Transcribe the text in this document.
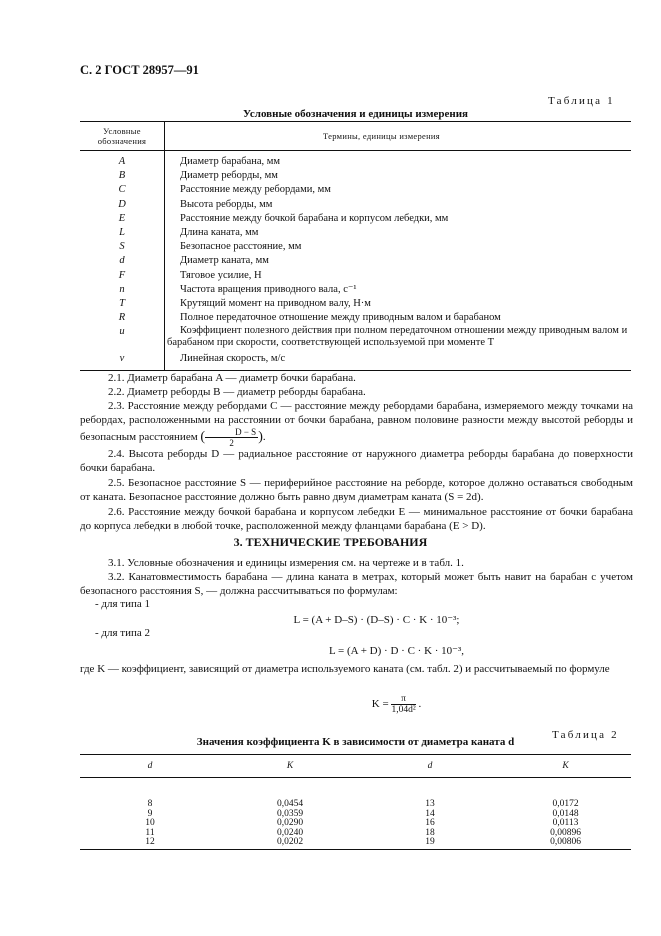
С. 2 ГОСТ 28957—91
Таблица 1
Условные обозначения и единицы измерения
Условные обозначения	Термины, единицы измерения
A	Диаметр барабана, мм
B	Диаметр реборды, мм
C	Расстояние между ребордами, мм
D	Высота реборды, мм
E	Расстояние между бочкой барабана и корпусом лебедки, мм
L	Длина каната, мм
S	Безопасное расстояние, мм
d	Диаметр каната, мм
F	Тяговое усилие, Н
n	Частота вращения приводного вала, с⁻¹
T	Крутящий момент на приводном валу, Н·м
R	Полное передаточное отношение между приводным валом и барабаном
u	Коэффициент полезного действия при полном передаточном отношении между приводным валом и барабаном при скорости, соответствующей используемой при моменте T
v	Линейная скорость, м/с
2.1. Диаметр барабана A — диаметр бочки барабана.
2.2. Диаметр реборды B — диаметр реборды барабана.
2.3. Расстояние между ребордами C — расстояние между ребордами барабана, измеряемого между точками на ребордах, расположенными на расстоянии от бочки барабана, равном половине разности между высотой реборды и безопасным расстоянием ( $\frac{D - S}{2}$).
2.4. Высота реборды D — радиальное расстояние от наружного диаметра реборды барабана до поверхности бочки барабана.
2.5. Безопасное расстояние S — периферийное расстояние на реборде, которое должно оставаться свободным от каната. Безопасное расстояние должно быть равно двум диаметрам каната (S = 2d).
2.6. Расстояние между бочкой барабана и корпусом лебедки E — минимальное расстояние от бочки барабана до корпуса лебедки в любой точке, расположенной между фланцами барабана (E > D).
3. ТЕХНИЧЕСКИЕ ТРЕБОВАНИЯ
3.1. Условные обозначения и единицы измерения см. на чертеже и в табл. 1.
3.2. Канатовместимость барабана — длина каната в метрах, который может быть навит на барабан с учетом безопасного расстояния S, — должна рассчитываться по формулам:
- для типа 1
L = (A + D–S) · (D–S) · C · K · 10⁻³;
- для типа 2
L = (A + D) · D · C · K · 10⁻³,
где K — коэффициент, зависящий от диаметра используемого каната (см. табл. 2) и рассчитываемый по формуле
$K = \frac{\pi}{\text{1,04d²}}$ .
Таблица 2
Значения коэффициента K в зависимости от диаметра каната d
d	K	d	K
8	0,0454	13	0,0172
9	0,0359	14	0,0148
10	0,0290	16	0,0113
11	0,0240	18	0,00896
12	0,0202	19	0,00806
